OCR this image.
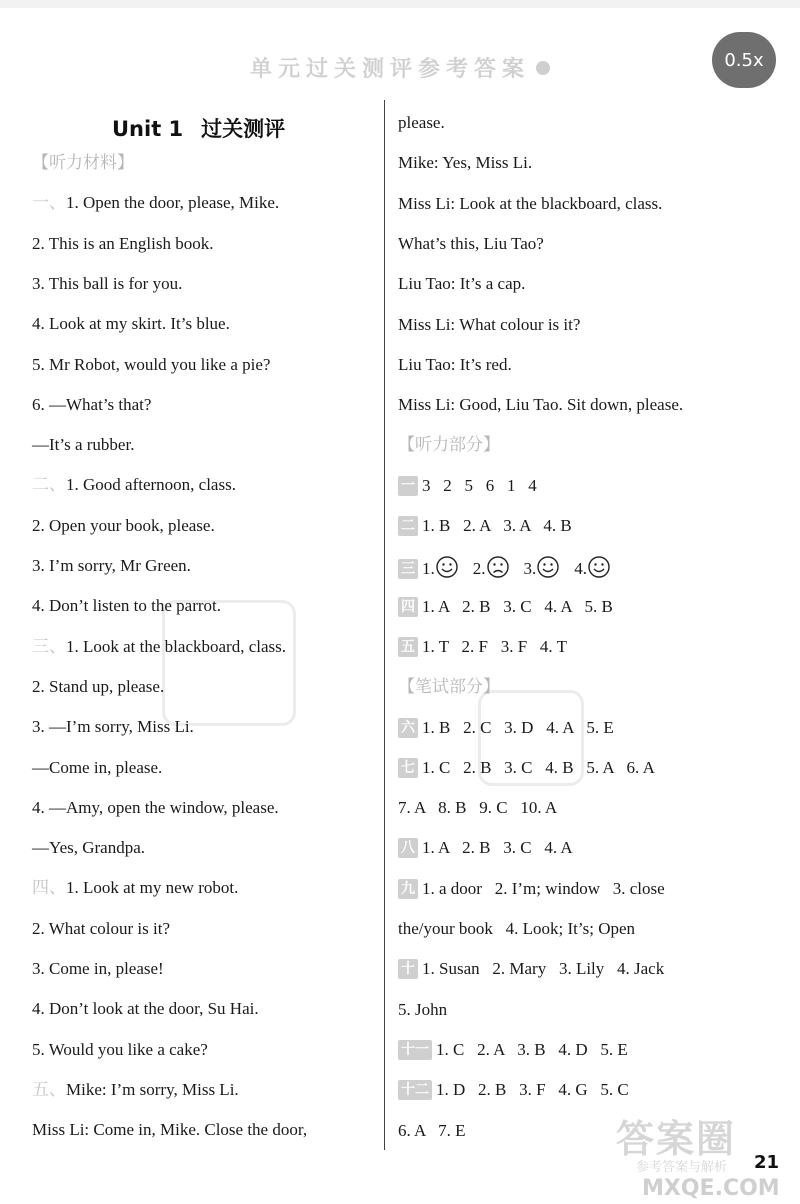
单元过关测评参考答案	0.5x
Unit 1 过关测评
【听力材料】
一、1. Open the door, please, Mike.
2. This is an English book.
3. This ball is for you.
4. Look at my skirt. It’s blue.
5. Mr Robot, would you like a pie?
6. —What’s that?
—It’s a rubber.
二、1. Good afternoon, class.
2. Open your book, please.
3. I’m sorry, Mr Green.
4. Don’t listen to the parrot.
三、1. Look at the blackboard, class.
2. Stand up, please.
3. —I’m sorry, Miss Li.
—Come in, please.
4. —Amy, open the window, please.
—Yes, Grandpa.
四、1. Look at my new robot.
2. What colour is it?
3. Come in, please!
4. Don’t look at the door, Su Hai.
5. Would you like a cake?
五、Mike: I’m sorry, Miss Li.
Miss Li: Come in, Mike. Close the door,
please.
Mike: Yes, Miss Li.
Miss Li: Look at the blackboard, class.
What’s this, Liu Tao?
Liu Tao: It’s a cap.
Miss Li: What colour is it?
Liu Tao: It’s red.
Miss Li: Good, Liu Tao. Sit down, please.
【听力部分】
一 3   2   5   6   1   4
二 1. B   2. A   3. A   4. B
三 1. 2. 3. 4.
四 1. A   2. B   3. C   4. A   5. B
五 1. T   2. F   3. F   4. T
【笔试部分】
六 1. B   2. C   3. D   4. A   5. E
七 1. C   2. B   3. C   4. B   5. A   6. A
7. A   8. B   9. C   10. A
八 1. A   2. B   3. C   4. A
九 1. a door   2. I’m; window   3. close
the/your book   4. Look; It’s; Open
十 1. Susan   2. Mary   3. Lily   4. Jack
5. John
十一 1. C   2. A   3. B   4. D   5. E
十二 1. D   2. B   3. F   4. G   5. C
6. A   7. E	答案圈
参考答案与解析
MXQE.COM
21
